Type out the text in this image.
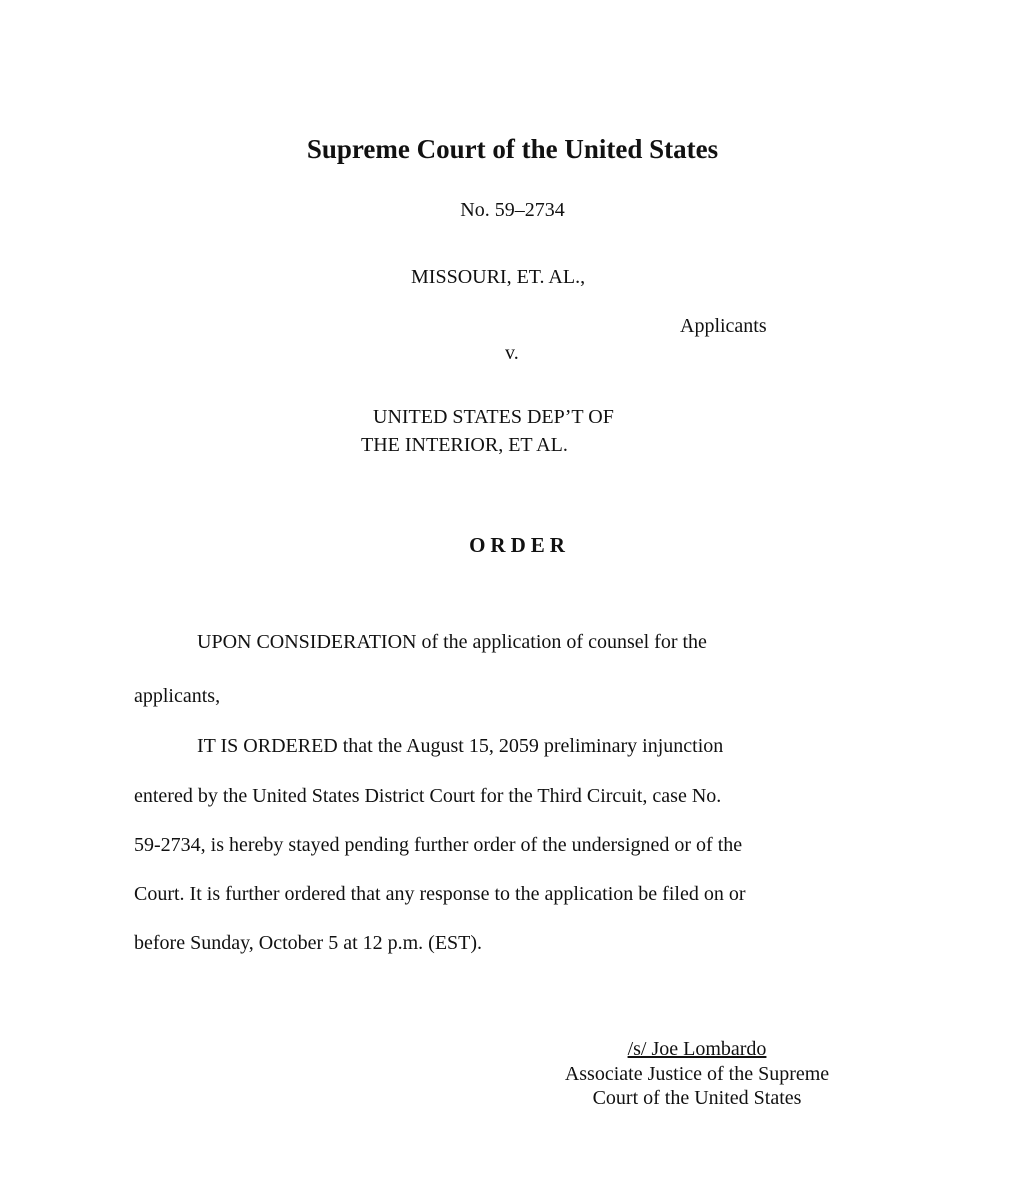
Supreme Court of the United States
No. 59–2734
MISSOURI, ET. AL.,
Applicants
v.
UNITED STATES DEP’T OF
THE INTERIOR, ET AL.
ORDER
UPON CONSIDERATION of the application of counsel for the
applicants,
IT IS ORDERED that the August 15, 2059 preliminary injunction
entered by the United States District Court for the Third Circuit, case No.
59-2734, is hereby stayed pending further order of the undersigned or of the
Court. It is further ordered that any response to the application be filed on or
before Sunday, October 5 at 12 p.m. (EST).
/s/ Joe Lombardo
Associate Justice of the Supreme
Court of the United States
